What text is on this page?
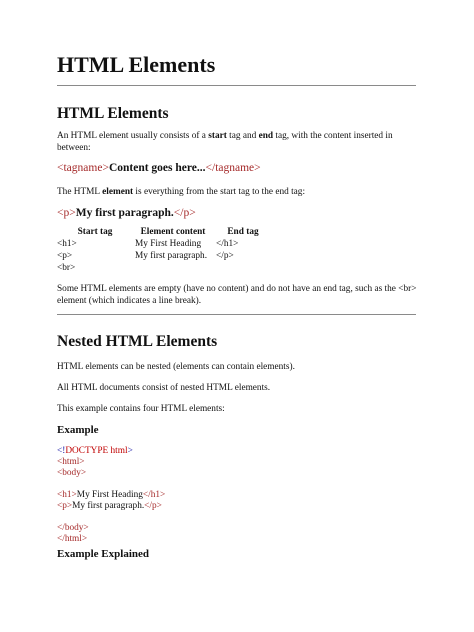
HTML Elements
HTML Elements

An HTML element usually consists of a start tag and end tag, with the content inserted in between:

<tagname>Content goes here...</tagname>

The HTML element is everything from the start tag to the end tag:

<p>My first paragraph.</p>
Start tag	Element content	End tag
<h1>	My First Heading	</h1>
<p>	My first paragraph.	</p>
<br>		

Some HTML elements are empty (have no content) and do not have an end tag, such as the <br> element (which indicates a line break).

Nested HTML Elements

HTML elements can be nested (elements can contain elements).

All HTML documents consist of nested HTML elements.

This example contains four HTML elements:

Example
<!DOCTYPE html>
<html>
<body>
<h1>My First Heading</h1>
<p>My first paragraph.</p>
</body>
</html>
Example Explained
